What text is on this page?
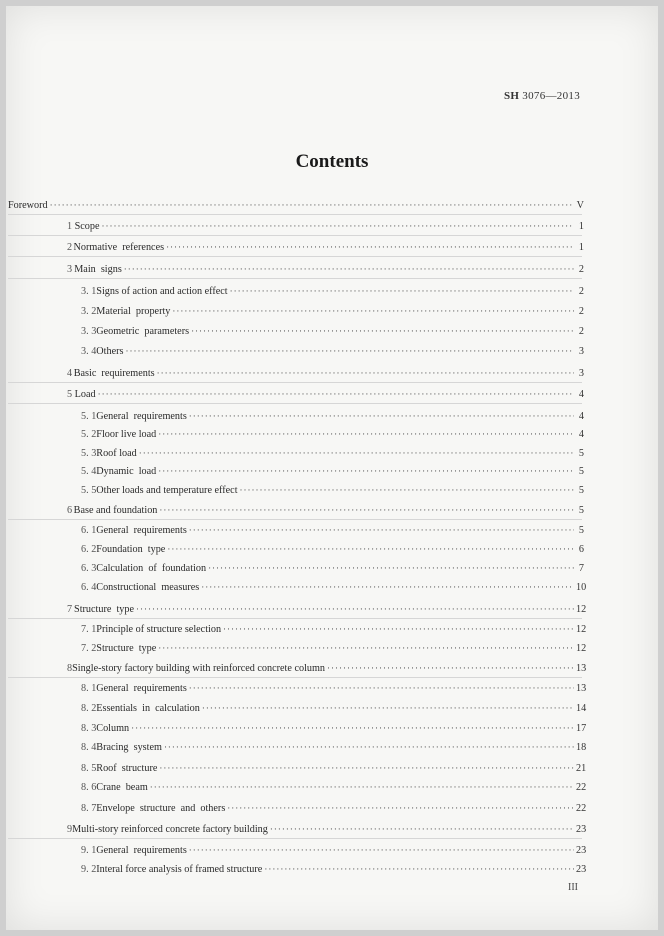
SH 3076—2013
Contents
Foreword ·····	V
1 Scope ·····	1
2 Normative  references ·····	1
3 Main  signs ·····	2
3. 1 Signs of action and action effect ·····	2
3. 2 Material  property ·····	2
3. 3 Geometric  parameters ·····	2
3. 4 Others ·····	3
4 Basic  requirements ·····	3
5 Load ·····	4
5. 1 General  requirements ·····	4
5. 2 Floor live load ·····	4
5. 3 Roof load ·····	5
5. 4 Dynamic  load ·····	5
5. 5 Other loads and temperature effect ·····	5
6 Base and foundation ·····	5
6. 1 General  requirements ·····	5
6. 2 Foundation  type ·····	6
6. 3 Calculation  of  foundation ·····	7
6. 4 Constructional  measures ·····	10
7 Structure  type ·····	12
7. 1 Principle of structure selection ·····	12
7. 2 Structure  type ·····	12
8 Single-story factory building with reinforced concrete column ·····	13
8. 1 General  requirements ·····	13
8. 2 Essentials  in  calculation ·····	14
8. 3 Column ·····	17
8. 4 Bracing  system ·····	18
8. 5 Roof  structure ·····	21
8. 6 Crane  beam ·····	22
8. 7 Envelope  structure  and  others ·····	22
9 Multi-story reinforced concrete factory building ·····	23
9. 1 General  requirements ·····	23
9. 2 Interal force analysis of framed structure ·····	23
III
